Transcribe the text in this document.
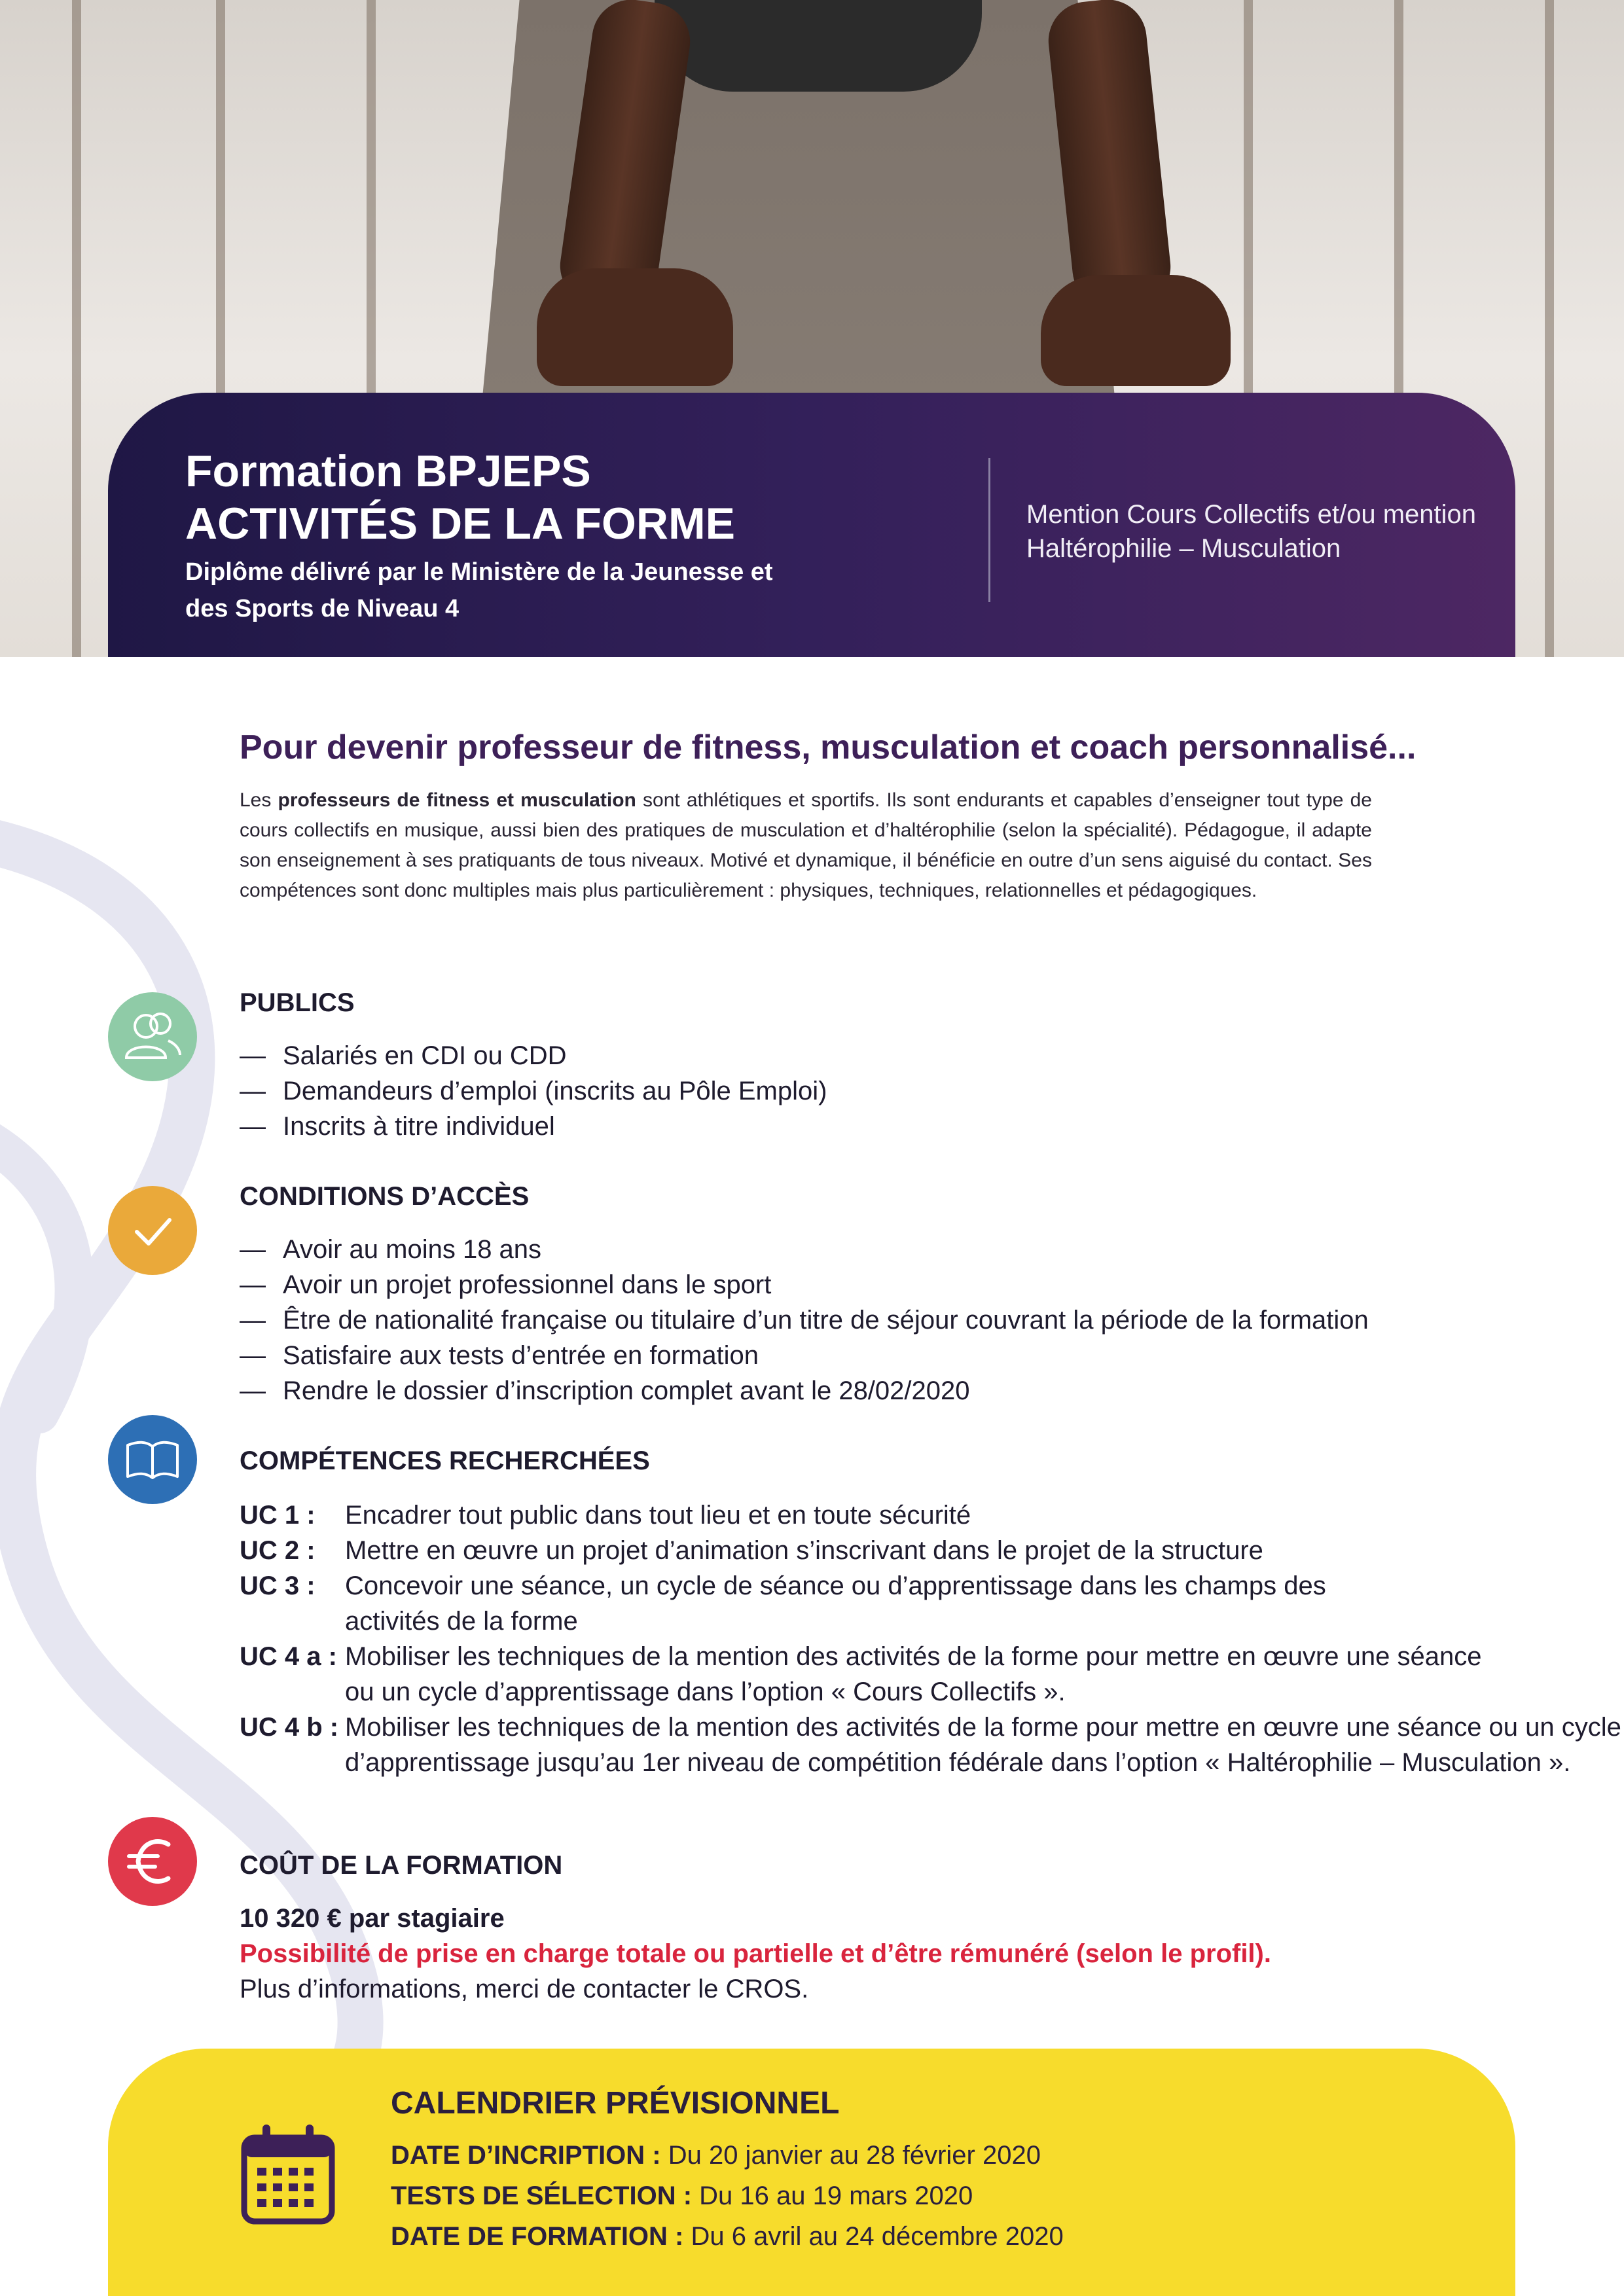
Formation BPJEPS
ACTIVITÉS DE LA FORME
Diplôme délivré par le Ministère de la Jeunesse et des Sports de Niveau 4
Mention Cours Collectifs et/ou mention Haltérophilie – Musculation
Pour devenir professeur de fitness, musculation et coach personnalisé...
Les professeurs de fitness et musculation sont athlétiques et sportifs. Ils sont endurants et capables d’enseigner tout type de cours collectifs en musique, aussi bien des pratiques de musculation et d’haltérophilie (selon la spécialité). Pédagogue, il adapte son enseignement à ses pratiquants de tous niveaux. Motivé et dynamique, il bénéficie en outre d’un sens aiguisé du contact. Ses compétences sont donc multiples mais plus particulièrement : physiques, techniques, relationnelles et pédagogiques.
PUBLICS
— Salariés en CDI ou CDD
— Demandeurs d’emploi (inscrits au Pôle Emploi)
— Inscrits à titre individuel
CONDITIONS D’ACCÈS
— Avoir au moins 18 ans
— Avoir un projet professionnel dans le sport
— Être de nationalité française ou titulaire d’un titre de séjour couvrant la période de la formation
— Satisfaire aux tests d’entrée en formation
— Rendre le dossier d’inscription complet avant le 28/02/2020
COMPÉTENCES RECHERCHÉES
UC 1 : Encadrer tout public dans tout lieu et en toute sécurité
UC 2 : Mettre en œuvre un projet d’animation s’inscrivant dans le projet de la structure
UC 3 : Concevoir une séance, un cycle de séance ou d’apprentissage dans les champs des activités de la forme
UC 4 a : Mobiliser les techniques de la mention des activités de la forme pour mettre en œuvre une séance ou un cycle d’apprentissage dans l’option « Cours Collectifs ».
UC 4 b : Mobiliser les techniques de la mention des activités de la forme pour mettre en œuvre une séance ou un cycle d’apprentissage jusqu’au 1er niveau de compétition fédérale dans l’option « Haltérophilie – Musculation ».
COÛT DE LA FORMATION
10 320 € par stagiaire
Possibilité de prise en charge totale ou partielle et d’être rémunéré (selon le profil).
Plus d’informations, merci de contacter le CROS.
CALENDRIER PRÉVISIONNEL
DATE D’INCRIPTION : Du 20 janvier au 28 février 2020
TESTS DE SÉLECTION : Du 16 au 19 mars 2020
DATE DE FORMATION : Du 6 avril au 24 décembre 2020
